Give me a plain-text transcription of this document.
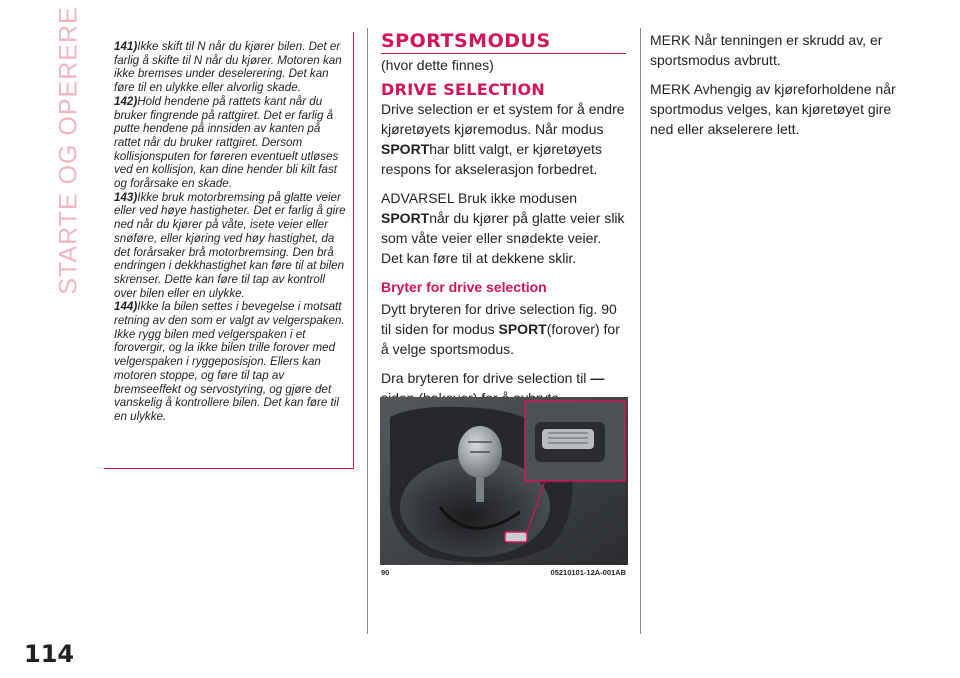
STARTE OG OPERERE	141)Ikke skift til N når du kjører bilen. Det er farlig å skifte til N når du kjører. Motoren kan ikke bremses under deselerering. Det kan føre til en ulykke eller alvorlig skade.

142)Hold hendene på rattets kant når du bruker fingrende på rattgiret. Det er farlig å putte hendene på innsiden av kanten på rattet når du bruker rattgiret. Dersom kollisjonsputen for føreren eventuelt utløses ved en kollisjon, kan dine hender bli kilt fast og forårsake en skade.

143)Ikke bruk motorbremsing på glatte veier eller ved høye hastigheter. Det er farlig å gire ned når du kjører på våte, isete veier eller snøføre, eller kjøring ved høy hastighet, da det forårsaker brå motorbremsing. Den brå endringen i dekkhastighet kan føre til at bilen skrenser. Dette kan føre til tap av kontroll over bilen eller en ulykke.

144)Ikke la bilen settes i bevegelse i motsatt retning av den som er valgt av velgerspaken. Ikke rygg bilen med velgerspaken i et forovergir, og la ikke bilen trille forover med velgerspaken i ryggeposisjon. Ellers kan motoren stoppe, og føre til tap av bremseeffekt og servostyring, og gjøre det vanskelig å kontrollere bilen. Det kan føre til en ulykke.

SPORTSMODUS

(hvor dette finnes)

DRIVE SELECTION

Drive selection er et system for å endre kjøretøyets kjøremodus. Når modus SPORThar blitt valgt, er kjøretøyets respons for akselerasjon forbedret.

ADVARSEL Bruk ikke modusen SPORTnår du kjører på glatte veier slik som våte veier eller snødekte veier. Det kan føre til at dekkene sklir.

Bryter for drive selection

Dytt bryteren for drive selection fig. 90 til siden for modus SPORT(forover) for å velge sportsmodus.

Dra bryteren for drive selection til —

90	05210101-12A-001AB

MERK Når tenningen er skrudd av, er sportsmodus avbrutt.

MERK Avhengig av kjøreforholdene når sportmodus velges, kan kjøretøyet gire ned eller akselerere lett.

114
